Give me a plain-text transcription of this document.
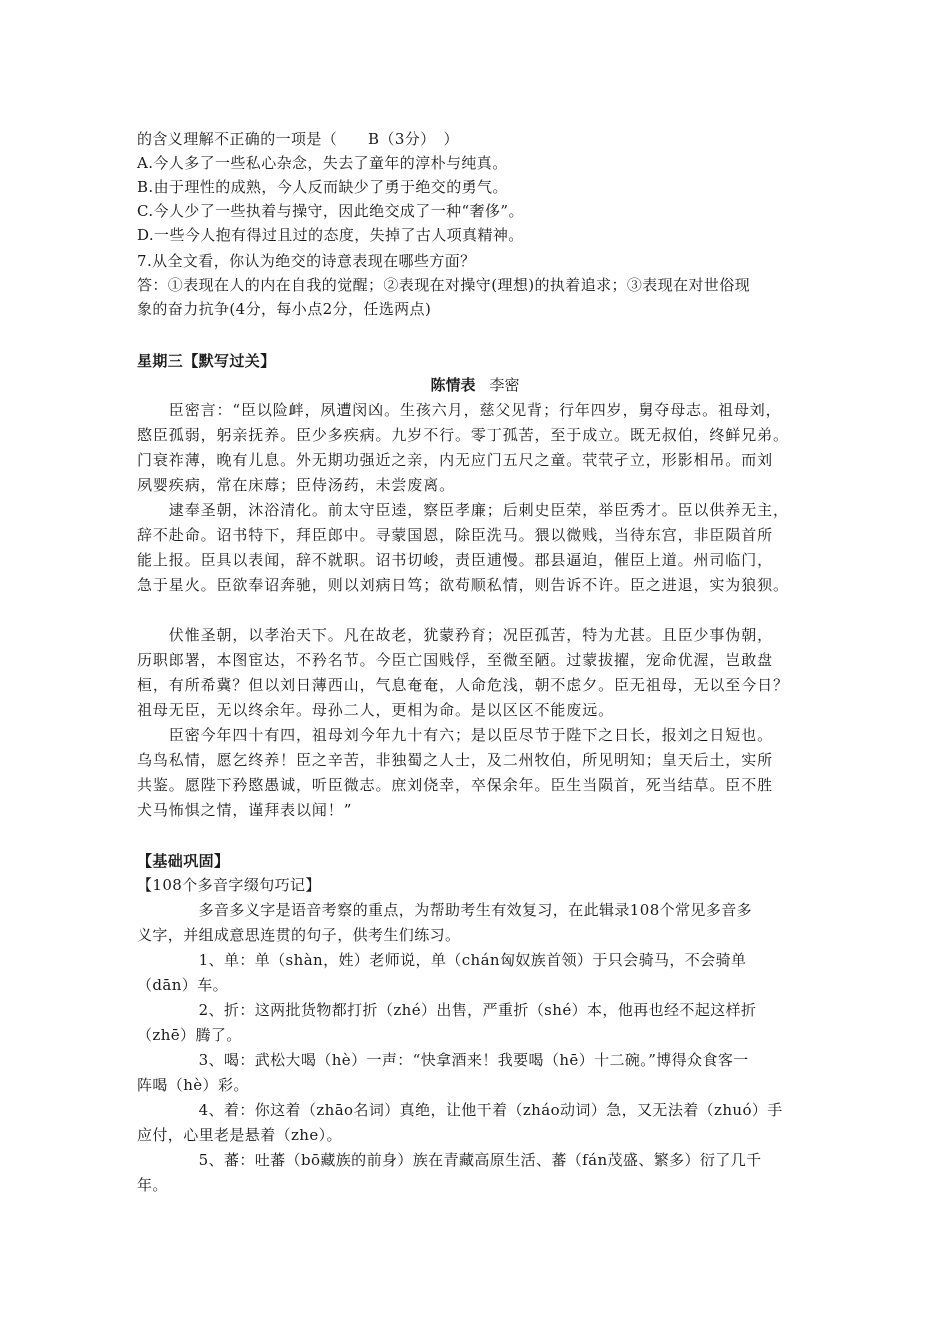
的含义理解不正确的一项是（　　B（3分）　）
A.今人多了一些私心杂念，失去了童年的淳朴与纯真。
B.由于理性的成熟，今人反而缺少了勇于绝交的勇气。
C.今人少了一些执着与操守，因此绝交成了一种“奢侈”。
D.一些今人抱有得过且过的态度，失掉了古人项真精神。
7.从全文看，你认为绝交的诗意表现在哪些方面？
答：①表现在人的内在自我的觉醒；②表现在对操守(理想)的执着追求；③表现在对世俗现
象的奋力抗争(4分，每小点2分，任选两点)
星期三【默写过关】
陈情表 李密
　　臣密言：“臣以险衅，夙遭闵凶。生孩六月，慈父见背；行年四岁，舅夺母志。祖母刘，
愍臣孤弱，躬亲抚养。臣少多疾病。九岁不行。零丁孤苦，至于成立。既无叔伯，终鲜兄弟。
门衰祚薄，晚有儿息。外无期功强近之亲，内无应门五尺之童。茕茕孑立，形影相吊。而刘
夙婴疾病，常在床蓐；臣侍汤药，未尝废离。
　　逮奉圣朝，沐浴清化。前太守臣逵，察臣孝廉；后刺史臣荣，举臣秀才。臣以供养无主，
辞不赴命。诏书特下，拜臣郎中。寻蒙国恩，除臣洗马。猥以微贱，当待东宫，非臣陨首所
能上报。臣具以表闻，辞不就职。诏书切峻，责臣逋慢。郡县逼迫，催臣上道。州司临门，
急于星火。臣欲奉诏奔驰，则以刘病日笃；欲苟顺私情，则告诉不许。臣之进退，实为狼狈。
　　伏惟圣朝，以孝治天下。凡在故老，犹蒙矜育；况臣孤苦，特为尤甚。且臣少事伪朝，
历职郎署，本图宦达，不矜名节。今臣亡国贱俘，至微至陋。过蒙拔擢，宠命优渥，岂敢盘
桓，有所希冀？但以刘日薄西山，气息奄奄，人命危浅，朝不虑夕。臣无祖母，无以至今日？
祖母无臣，无以终余年。母孙二人，更相为命。是以区区不能废远。
　　臣密今年四十有四，祖母刘今年九十有六；是以臣尽节于陛下之日长，报刘之日短也。
乌鸟私情，愿乞终养！臣之辛苦，非独蜀之人士，及二州牧伯，所见明知；皇天后土，实所
共鉴。愿陛下矜愍愚诚，听臣微志。庶刘侥幸，卒保余年。臣生当陨首，死当结草。臣不胜
犬马怖惧之情，谨拜表以闻！”
【基础巩固】
【108个多音字缀句巧记】
　　　　多音多义字是语音考察的重点，为帮助考生有效复习，在此辑录108个常见多音多
义字，并组成意思连贯的句子，供考生们练习。
　　　　1、单：单（shàn，姓）老师说，单（chán匈奴族首领）于只会骑马，不会骑单
（dān）车。
　　　　2、折：这两批货物都打折（zhé）出售，严重折（shé）本，他再也经不起这样折
（zhē）腾了。
　　　　3、喝：武松大喝（hè）一声：“快拿酒来！我要喝（hē）十二碗。”博得众食客一
阵喝（hè）彩。
　　　　4、着：你这着（zhāo名词）真绝，让他干着（zháo动词）急，又无法着（zhuó）手
应付，心里老是悬着（zhe）。
　　　　5、蕃：吐蕃（bō藏族的前身）族在青藏高原生活、蕃（fán茂盛、繁多）衍了几千
年。
